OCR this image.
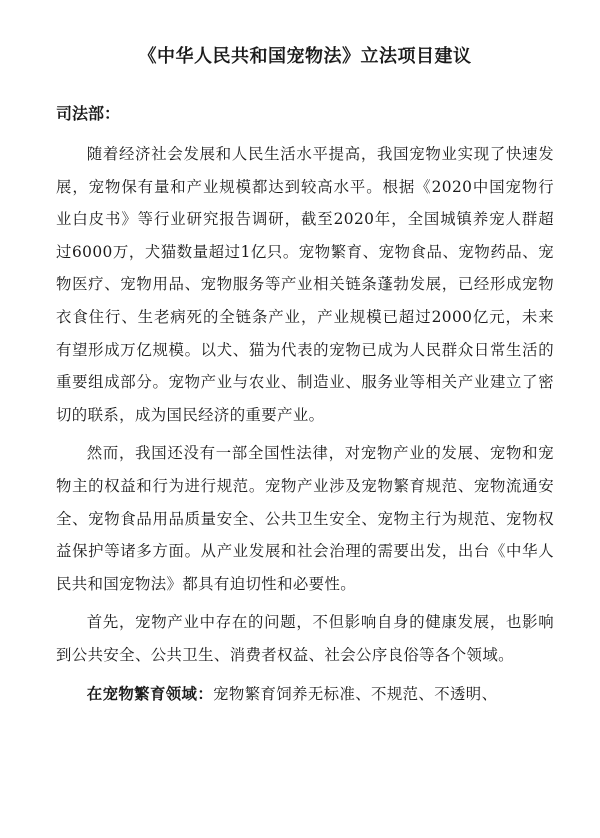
《中华人民共和国宠物法》立法项目建议
司法部：

随着经济社会发展和人民生活水平提高，我国宠物业实现了快速发展，宠物保有量和产业规模都达到较高水平。根据《2020中国宠物行业白皮书》等行业研究报告调研，截至2020年，全国城镇养宠人群超过6000万，犬猫数量超过1亿只。宠物繁育、宠物食品、宠物药品、宠物医疗、宠物用品、宠物服务等产业相关链条蓬勃发展，已经形成宠物衣食住行、生老病死的全链条产业，产业规模已超过2000亿元，未来有望形成万亿规模。以犬、猫为代表的宠物已成为人民群众日常生活的重要组成部分。宠物产业与农业、制造业、服务业等相关产业建立了密切的联系，成为国民经济的重要产业。

然而，我国还没有一部全国性法律，对宠物产业的发展、宠物和宠物主的权益和行为进行规范。宠物产业涉及宠物繁育规范、宠物流通安全、宠物食品用品质量安全、公共卫生安全、宠物主行为规范、宠物权益保护等诸多方面。从产业发展和社会治理的需要出发，出台《中华人民共和国宠物法》都具有迫切性和必要性。

首先，宠物产业中存在的问题，不但影响自身的健康发展，也影响到公共安全、公共卫生、消费者权益、社会公序良俗等各个领域。

在宠物繁育领域：宠物繁育饲养无标准、不规范、不透明、
